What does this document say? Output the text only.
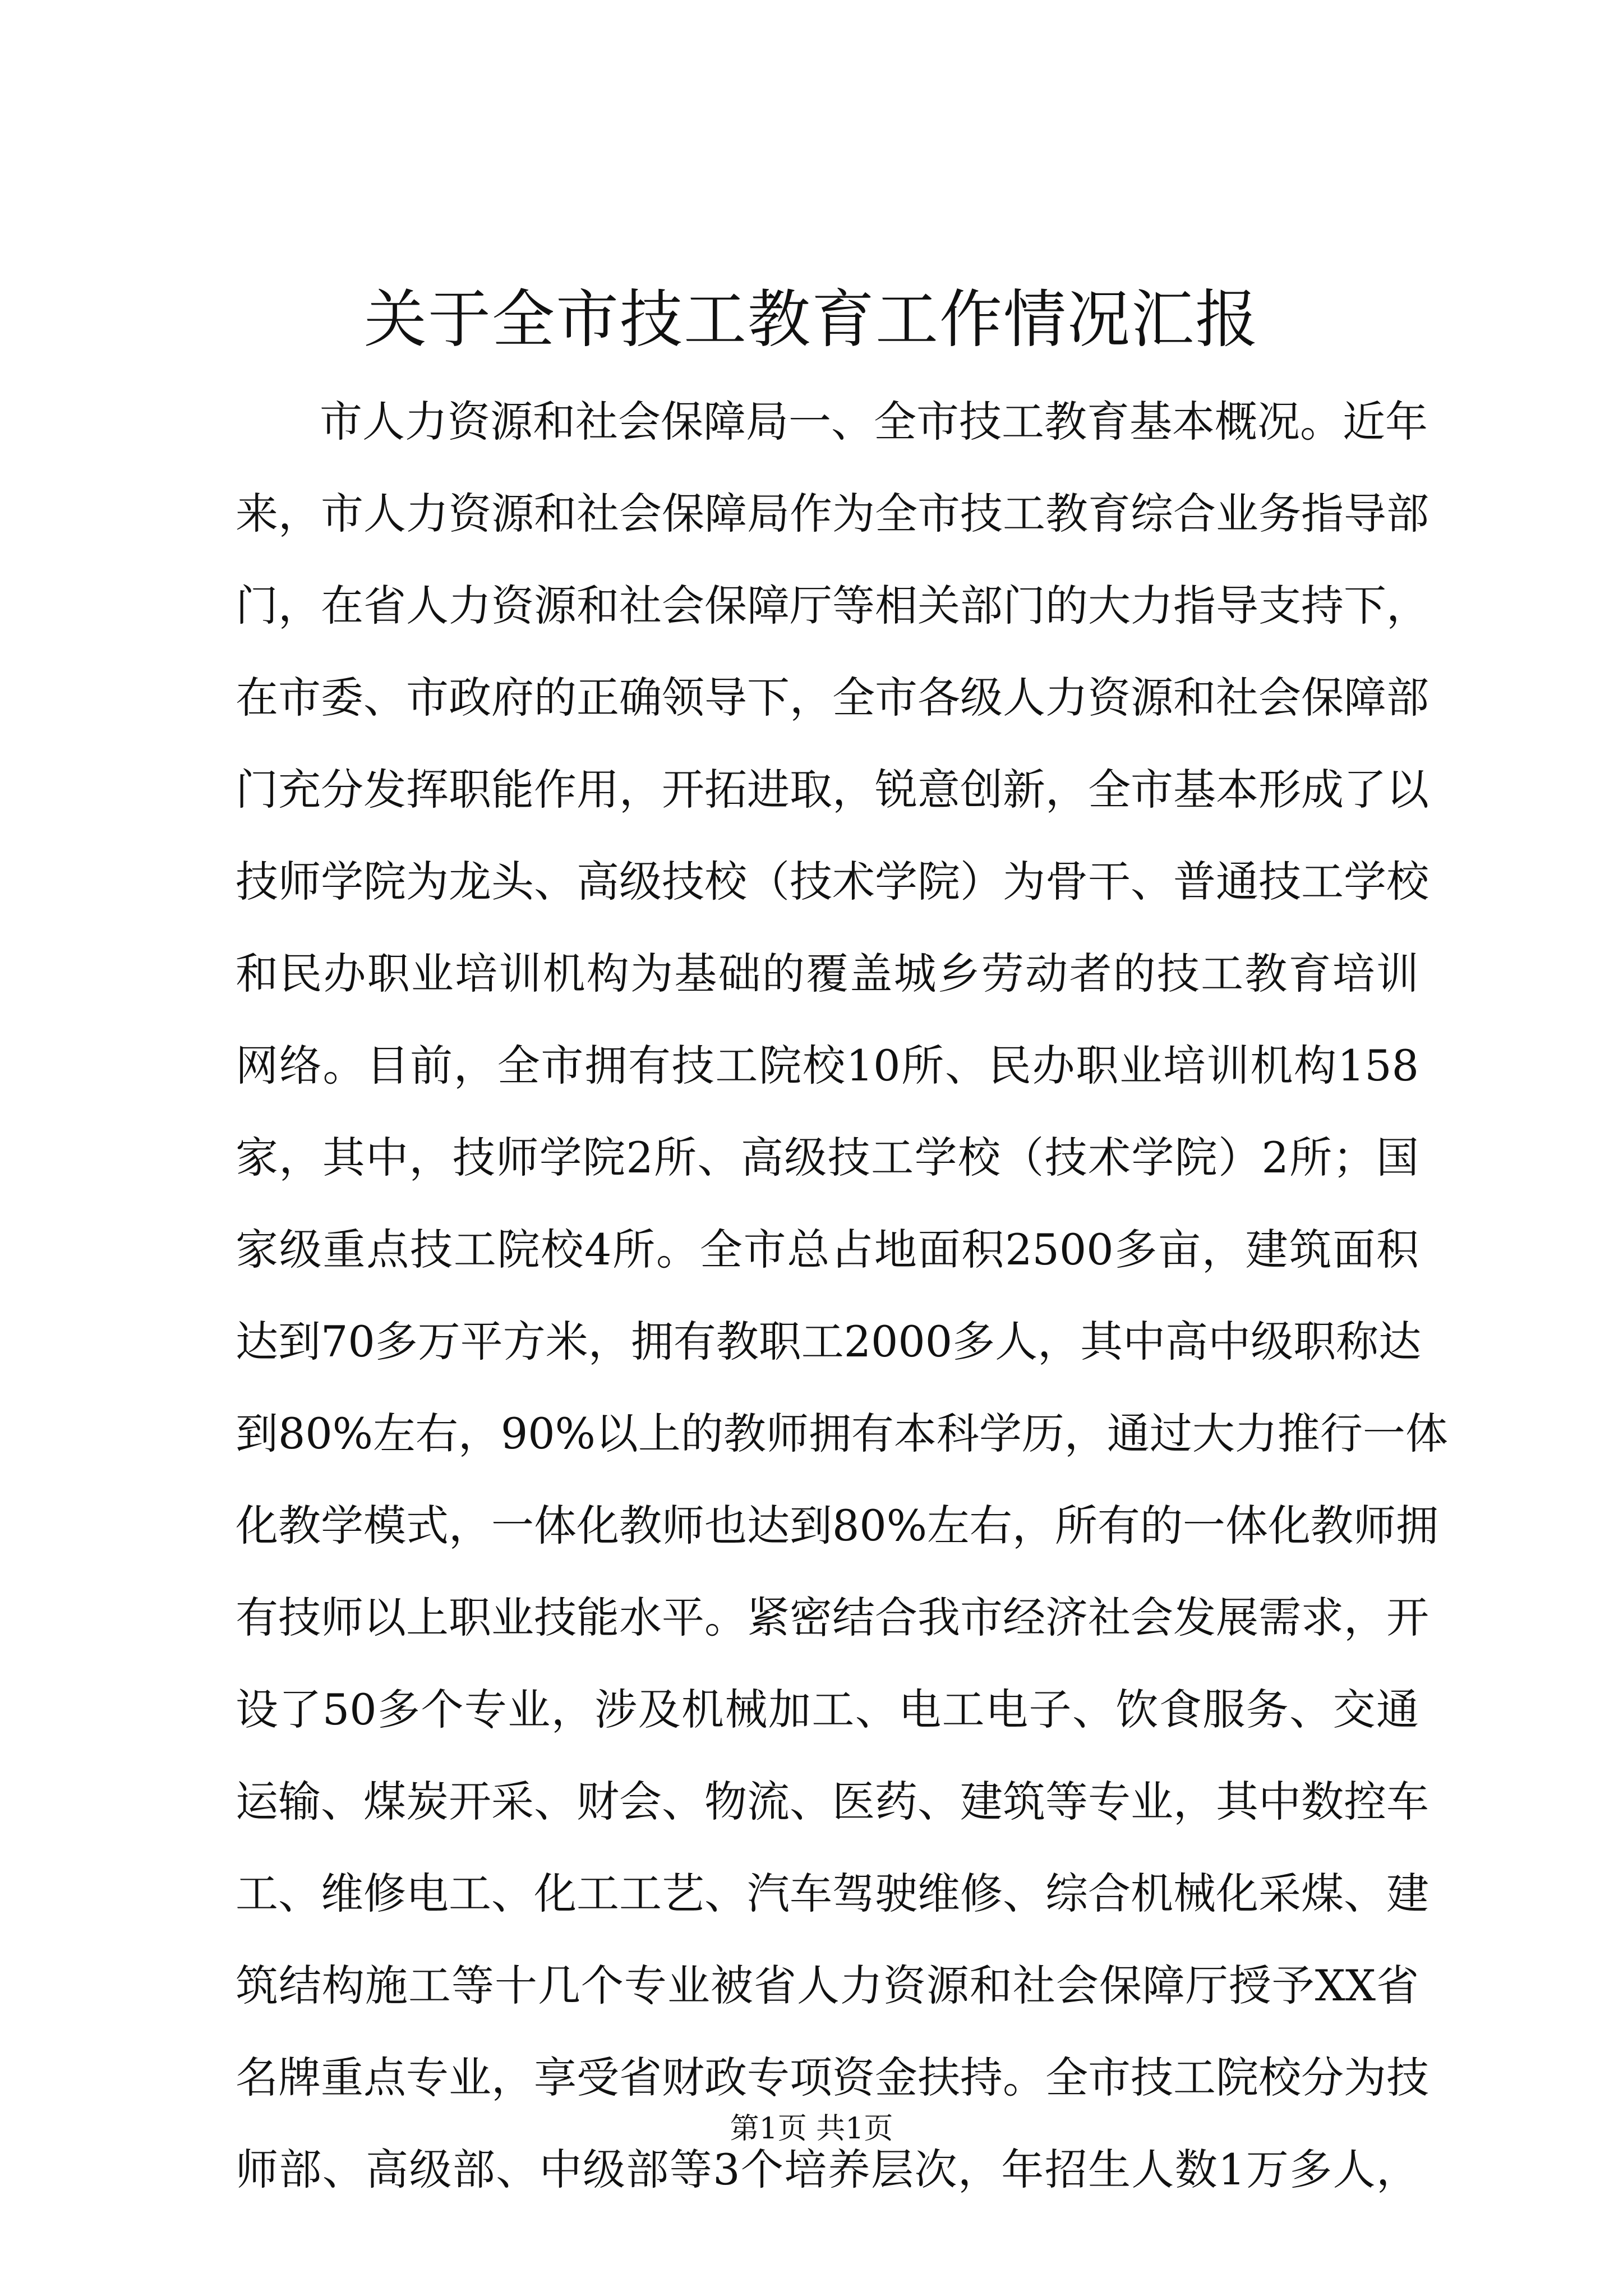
关于全市技工教育工作情况汇报
市人力资源和社会保障局一、全市技工教育基本概况。近年
来，市人力资源和社会保障局作为全市技工教育综合业务指导部
门，在省人力资源和社会保障厅等相关部门的大力指导支持下，
在市委、市政府的正确领导下，全市各级人力资源和社会保障部
门充分发挥职能作用，开拓进取，锐意创新，全市基本形成了以
技师学院为龙头、高级技校（技术学院）为骨干、普通技工学校
和民办职业培训机构为基础的覆盖城乡劳动者的技工教育培训
网络。目前，全市拥有技工院校10所、民办职业培训机构158
家，其中，技师学院2所、高级技工学校（技术学院）2所；国
家级重点技工院校4所。全市总占地面积2500多亩，建筑面积
达到70多万平方米，拥有教职工2000多人，其中高中级职称达
到80%左右，90%以上的教师拥有本科学历，通过大力推行一体
化教学模式，一体化教师也达到80%左右，所有的一体化教师拥
有技师以上职业技能水平。紧密结合我市经济社会发展需求，开
设了50多个专业，涉及机械加工、电工电子、饮食服务、交通
运输、煤炭开采、财会、物流、医药、建筑等专业，其中数控车
工、维修电工、化工工艺、汽车驾驶维修、综合机械化采煤、建
筑结构施工等十几个专业被省人力资源和社会保障厅授予XX省
名牌重点专业，享受省财政专项资金扶持。全市技工院校分为技
师部、高级部、中级部等3个培养层次，年招生人数1万多人，
第1页 共1页
